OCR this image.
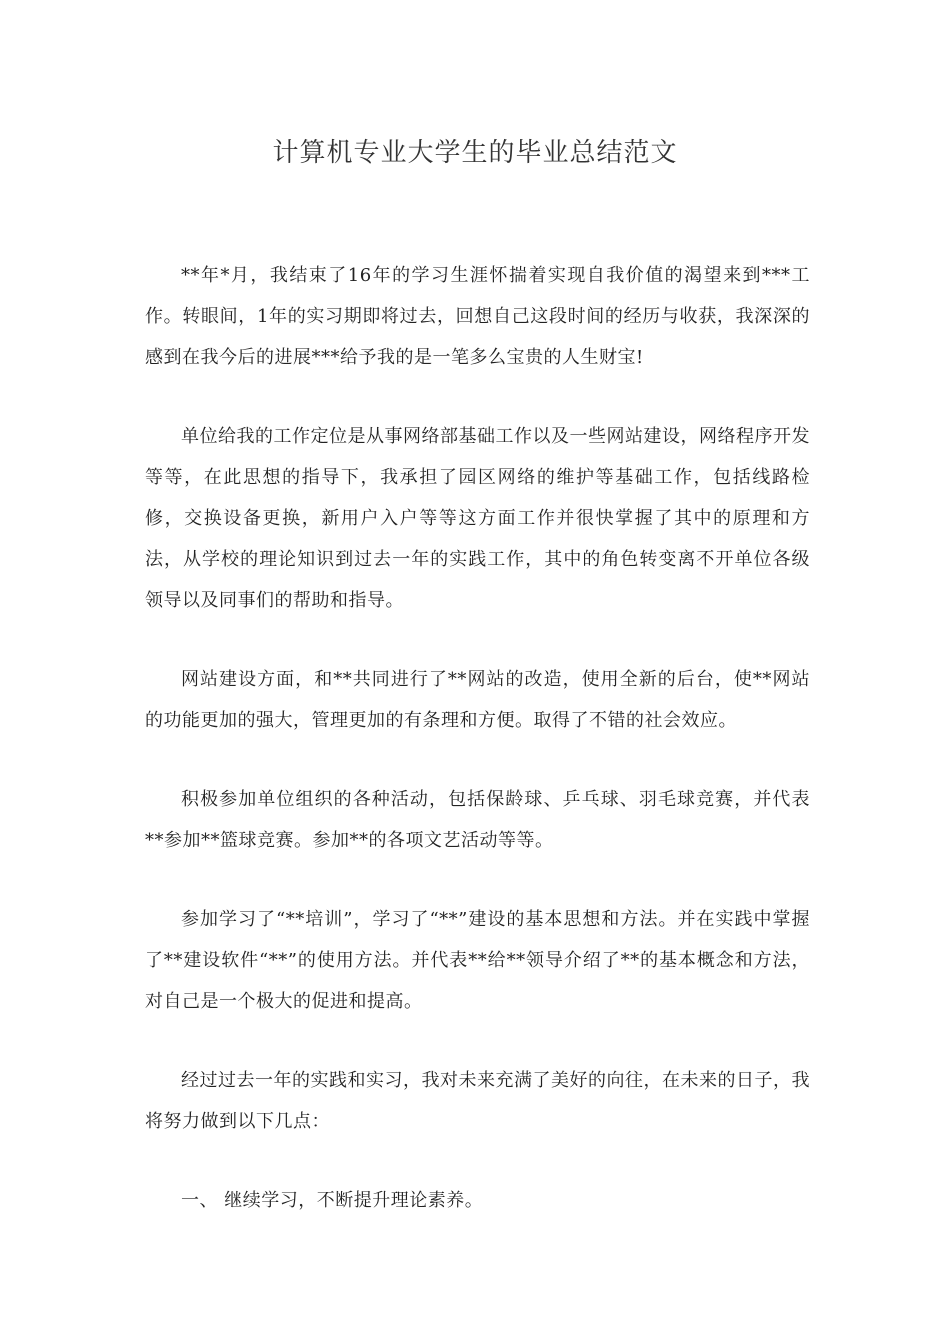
计算机专业大学生的毕业总结范文

**年*月，我结束了16年的学习生涯怀揣着实现自我价值的渴望来到***工作。转眼间，1年的实习期即将过去，回想自己这段时间的经历与收获，我深深的感到在我今后的进展***给予我的是一笔多么宝贵的人生财宝!

单位给我的工作定位是从事网络部基础工作以及一些网站建设，网络程序开发等等，在此思想的指导下，我承担了园区网络的维护等基础工作，包括线路检修，交换设备更换，新用户入户等等这方面工作并很快掌握了其中的原理和方法，从学校的理论知识到过去一年的实践工作，其中的角色转变离不开单位各级领导以及同事们的帮助和指导。

网站建设方面，和**共同进行了**网站的改造，使用全新的后台，使**网站的功能更加的强大，管理更加的有条理和方便。取得了不错的社会效应。

积极参加单位组织的各种活动，包括保龄球、乒乓球、羽毛球竞赛，并代表**参加**篮球竞赛。参加**的各项文艺活动等等。

参加学习了“**培训”，学习了“**”建设的基本思想和方法。并在实践中掌握了**建设软件“**”的使用方法。并代表**给**领导介绍了**的基本概念和方法，对自己是一个极大的促进和提高。

经过过去一年的实践和实习，我对未来充满了美好的向往，在未来的日子，我将努力做到以下几点：

一、 继续学习，不断提升理论素养。
